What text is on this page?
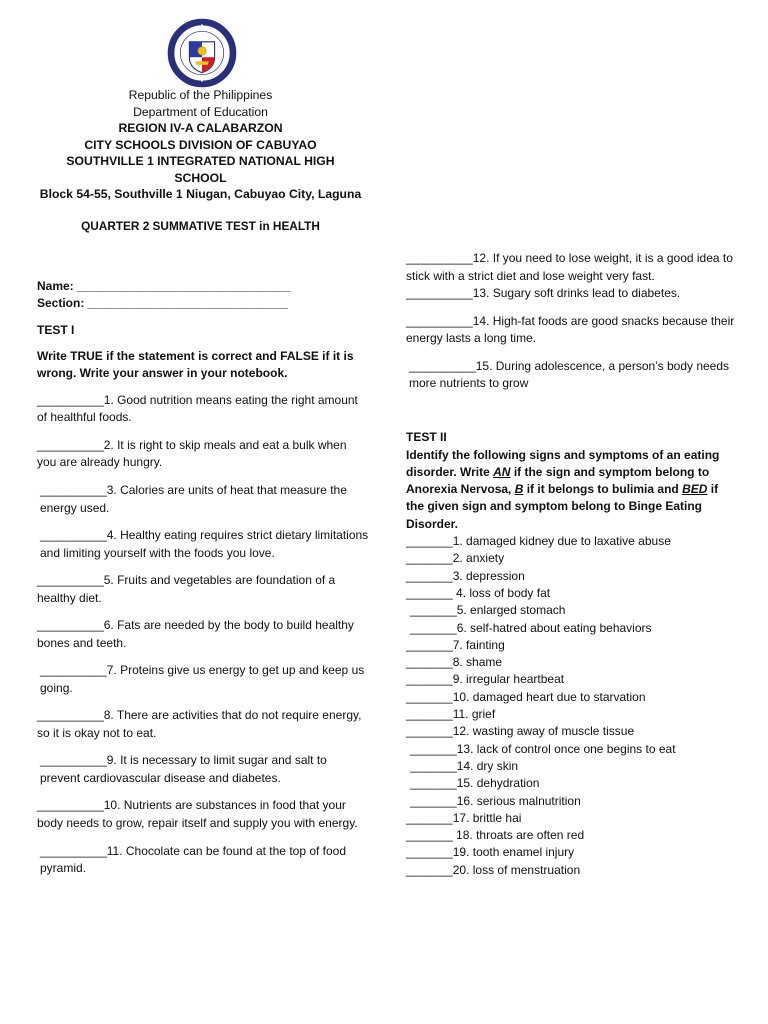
Republic of the Philippines
Department of Education
REGION IV-A CALABARZON
CITY SCHOOLS DIVISION OF CABUYAO
SOUTHVILLE 1 INTEGRATED NATIONAL HIGH
SCHOOL
Block 54-55, Southville 1 Niugan, Cabuyao City, Laguna
QUARTER 2 SUMMATIVE TEST in HEALTH
Name: ________________________________
Section: ______________________________

TEST I

Write TRUE if the statement is correct and FALSE if it is wrong. Write your answer in your notebook.

__________1. Good nutrition means eating the right amount of healthful foods.
__________2. It is right to skip meals and eat a bulk when you are already hungry.
__________3. Calories are units of heat that measure the energy used.
__________4. Healthy eating requires strict dietary limitations and limiting yourself with the foods you love.
__________5. Fruits and vegetables are foundation of a healthy diet.
__________6. Fats are needed by the body to build healthy bones and teeth.
__________7. Proteins give us energy to get up and keep us going.
__________8. There are activities that do not require energy, so it is okay not to eat.
__________9. It is necessary to limit sugar and salt to prevent cardiovascular disease and diabetes.
__________10. Nutrients are substances in food that your body needs to grow, repair itself and supply you with energy.
__________11. Chocolate can be found at the top of food pyramid.
__________12. If you need to lose weight, it is a good idea to stick with a strict diet and lose weight very fast.
__________13. Sugary soft drinks lead to diabetes.
__________14. High-fat foods are good snacks because their energy lasts a long time.
__________15. During adolescence, a person’s body needs more nutrients to grow

TEST II

Identify the following signs and symptoms of an eating disorder. Write AN if the sign and symptom belong to Anorexia Nervosa, B if it belongs to bulimia and BED if the given sign and symptom belong to Binge Eating Disorder.

_______1. damaged kidney due to laxative abuse
_______2. anxiety
_______3. depression
_______ 4. loss of body fat
_______5. enlarged stomach
_______6. self-hatred about eating behaviors
_______7. fainting
_______8. shame
_______9. irregular heartbeat
_______10. damaged heart due to starvation
_______11. grief
_______12. wasting away of muscle tissue
_______13. lack of control once one begins to eat
_______14. dry skin
_______15. dehydration
_______16. serious malnutrition
_______17. brittle hai
_______ 18. throats are often red
_______19. tooth enamel injury
_______20. loss of menstruation
